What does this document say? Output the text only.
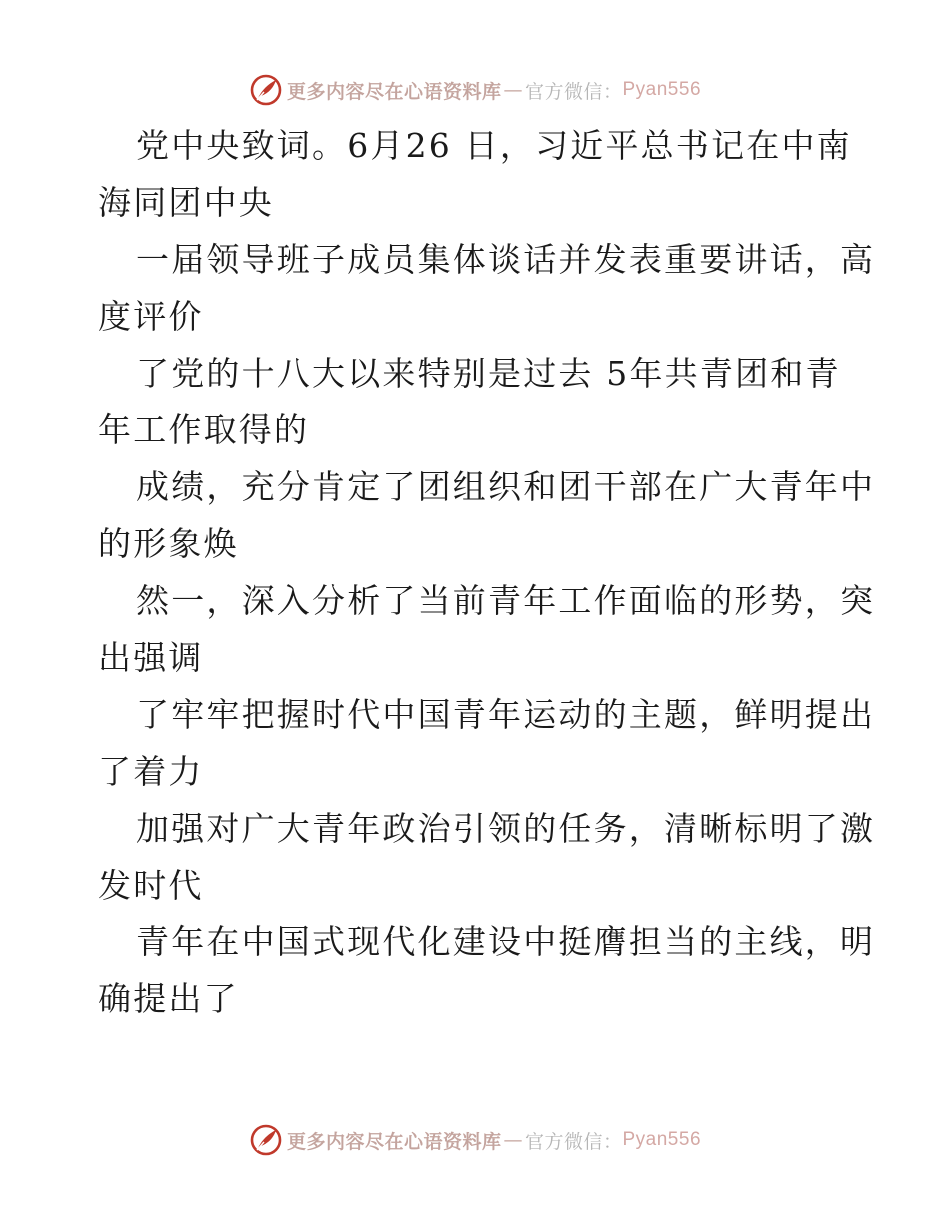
更多内容尽在心语资料库 — 官方微信： Pyan556
党中央致词。6月26 日，习近平总书记在中南
海同团中央
一届领导班子成员集体谈话并发表重要讲话，高
度评价
了党的十八大以来特别是过去 5年共青团和青
年工作取得的
成绩，充分肯定了团组织和团干部在广大青年中
的形象焕
然一，深入分析了当前青年工作面临的形势，突
出强调
了牢牢把握时代中国青年运动的主题，鲜明提出
了着力
加强对广大青年政治引领的任务，清晰标明了激
发时代
青年在中国式现代化建设中挺膺担当的主线，明
确提出了
更多内容尽在心语资料库 — 官方微信： Pyan556
